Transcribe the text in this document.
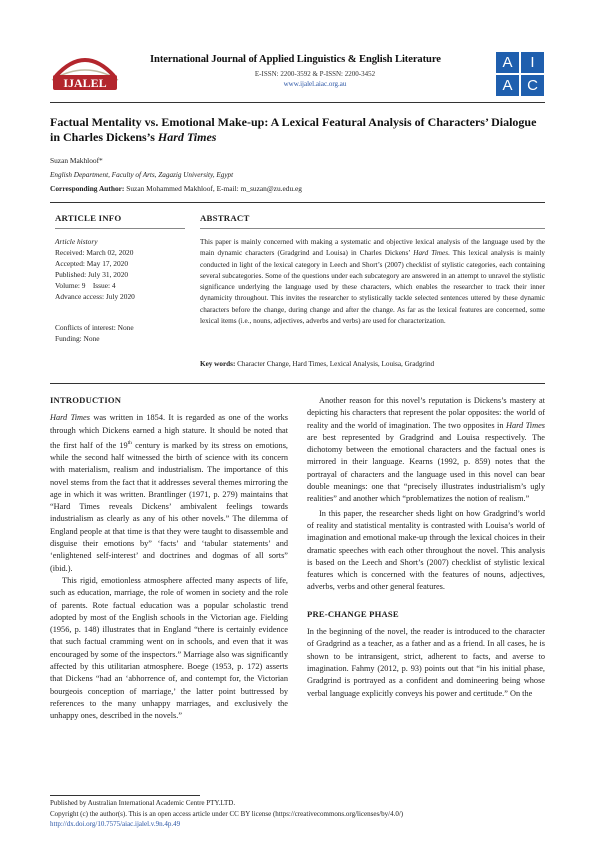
IJALEL
International Journal of Applied Linguistics & English Literature
E-ISSN: 2200-3592 & P-ISSN: 2200-3452
www.ijalel.aiac.org.au
A	I
A C
Factual Mentality vs. Emotional Make-up: A Lexical Featural Analysis of Characters’ Dialogue in Charles Dickens’s Hard Times
Suzan Makhloof*
English Department, Faculty of Arts, Zagazig University, Egypt
Corresponding Author: Suzan Mohammed Makhloof, E-mail: m_suzan@zu.edu.eg
ARTICLE INFO
Article history
Received: March 02, 2020
Accepted: May 17, 2020
Published: July 31, 2020
Volume: 9    Issue: 4
Advance access: July 2020
Conflicts of interest: None
Funding: None
ABSTRACT
This paper is mainly concerned with making a systematic and objective lexical analysis of the language used by the main dynamic characters (Gradgrind and Louisa) in Charles Dickens’ Hard Times. This lexical analysis is mainly conducted in light of the lexical category in Leech and Short’s (2007) checklist of stylistic categories, each containing several subcategories. Some of the questions under each subcategory are answered in an attempt to unravel the stylistic significance underlying the language used by these characters, which enables the researcher to track their inner dynamicity throughout. This invites the researcher to stylistically tackle selected sentences uttered by these dynamic characters before the change, during change and after the change. As far as the lexical features are concerned, some lexical items (i.e., nouns, adjectives, adverbs and verbs) are used for characterization.
Key words: Character Change, Hard Times, Lexical Analysis, Louisa, Gradgrind

INTRODUCTION

Hard Times was written in 1854. It is regarded as one of the works through which Dickens earned a high stature. It should be noted that the first half of the 19th century is marked by its stress on emotions, while the second half witnessed the birth of science with its concern with materialism, realism and industrialism. The importance of this novel stems from the fact that it addresses several themes mirroring the age in which it was written. Brantlinger (1971, p. 279) maintains that “Hard Times reveals Dickens’ ambivalent feelings towards industrialism as clearly as any of his other novels.” The dilemma of England people at that time is that they were taught to disassemble and disguise their emotions by” ‘facts’ and ‘tabular statements’ and ‘enlightened self-interest’ and doctrines and dogmas of all sorts” (ibid.).

This rigid, emotionless atmosphere affected many aspects of life, such as education, marriage, the role of women in society and the role of parents. Rote factual education was a popular scholastic trend adopted by most of the English schools in the Victorian age. Fielding (1956, p. 148) illustrates that in England “there is certainly evidence that such factual cramming went on in schools, and even that it was encouraged by some of the inspectors.” Marriage also was significantly affected by this utilitarian atmosphere. Boege (1953, p. 172) asserts that Dickens “had an ‘abhorrence of, and contempt for, the Victorian bourgeois conception of marriage,’ the latter point buttressed by references to the many unhappy marriages, and exclusively the unhappy ones, described in the novels.”

Another reason for this novel’s reputation is Dickens’s mastery at depicting his characters that represent the polar opposites: the world of reality and the world of imagination. The two opposites in Hard Times are best represented by Gradgrind and Louisa respectively. The dichotomy between the emotional characters and the factual ones is mirrored in their language. Kearns (1992, p. 859) notes that the portrayal of characters and the language used in this novel can bear double meanings: one that “precisely illustrates industrialism’s ugly realities” and another which “problematizes the notion of realism.”

In this paper, the researcher sheds light on how Gradgrind’s world of reality and statistical mentality is contrasted with Louisa’s world of imagination and emotional make-up through the lexical choices in their dramatic speeches with each other throughout the novel. This analysis is based on the Leech and Short’s (2007) checklist of stylistic lexical features which is concerned with the features of nouns, adjectives, adverbs, verbs and other general features.

PRE-CHANGE PHASE

In the beginning of the novel, the reader is introduced to the character of Gradgrind as a teacher, as a father and as a friend. In all cases, he is shown to be intransigent, strict, adherent to facts, and averse to imagination. Fahmy (2012, p. 93) points out that “in his initial phase, Gradgrind is portrayed as a confident and domineering being whose verbal language explicitly conveys his power and certitude.” On the

Published by Australian International Academic Centre PTY.LTD.
Copyright (c) the author(s). This is an open access article under CC BY license (https://creativecommons.org/licenses/by/4.0/)
http://dx.doi.org/10.7575/aiac.ijalel.v.9n.4p.49
